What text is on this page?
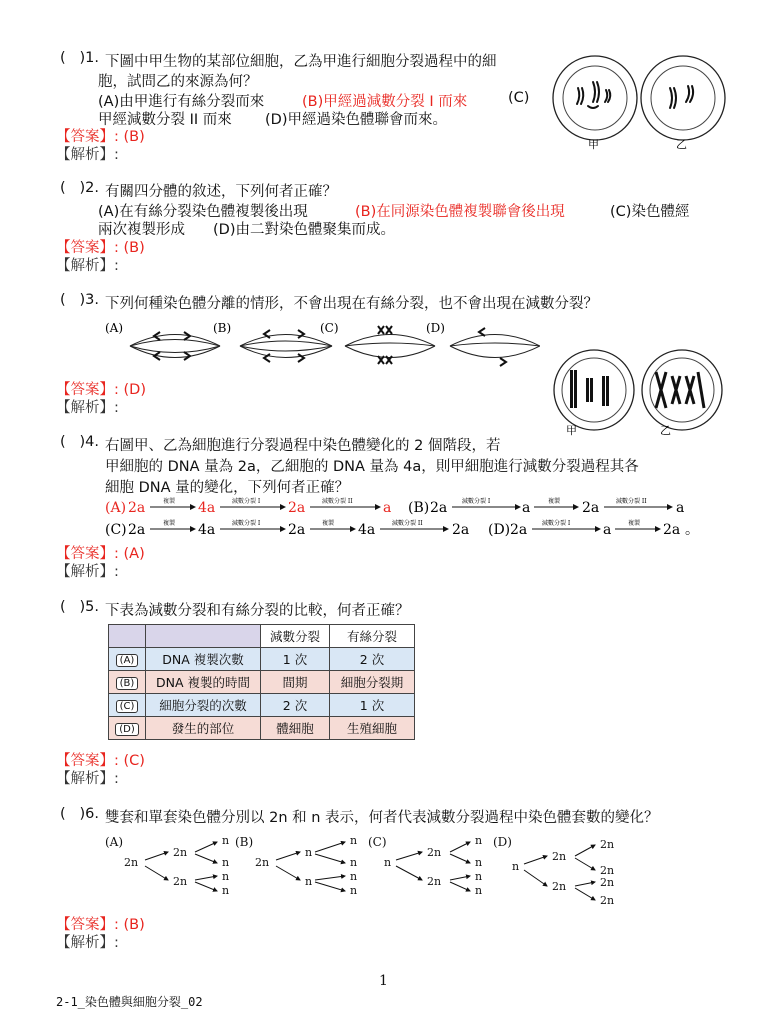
(   )1. 下圖中甲生物的某部位細胞，乙為甲進行細胞分裂過程中的細
胞，試問乙的來源為何？
(A)由甲進行有絲分裂而來	(B)甲經過減數分裂 I 而來	(C)
甲經減數分裂 II 而來 (D)甲經過染色體聯會而來。
【答案】: (B)
【解析】:
甲	乙
(   )2. 有關四分體的敘述，下列何者正確？
(A)在有絲分裂染色體複製後出現	(B)在同源染色體複製聯會後出現	(C)染色體經
兩次複製形成 (D)由二對染色體聚集而成。
【答案】: (B)
【解析】:
(   )3. 下列何種染色體分離的情形，不會出現在有絲分裂，也不會出現在減數分裂？
(A)	(B)	(C)	(D)
【答案】: (D)
【解析】:
甲	乙
(   )4. 右圖甲、乙為細胞進行分裂過程中染色體變化的 2 個階段，若
甲細胞的 DNA 量為 2a，乙細胞的 DNA 量為 4a，則甲細胞進行減數分裂過程其各
細胞 DNA 量的變化，下列何者正確？
(A) 2a	複製 4a	減數分裂 I 2a	減數分裂 II a (B) 2a 減數分裂 I a	複製 2a	減數分裂 II a
(C) 2a	複製 4a	減數分裂 I 2a	複製 4a	減數分裂 II 2a (D) 2a 減數分裂 I a	複製 2a 。
【答案】: (A)
【解析】:
(   )5. 下表為減數分裂和有絲分裂的比較，何者正確？
		減數分裂	有絲分裂
(A)	DNA 複製次數	1 次	2 次
(B)	DNA 複製的時間	間期	細胞分裂期
(C)	細胞分裂的次數	2 次	1 次
(D)	發生的部位	體細胞	生殖細胞
【答案】: (C)
【解析】:
(   )6. 雙套和單套染色體分別以 2n 和 n 表示，何者代表減數分裂過程中染色體套數的變化？
(A)
2n
2n
2n
n
n
n
n
(B)
2n
n
n
n
n
n
n
(C)
n
2n
2n
n
n
n
n
(D)
n
2n
2n
2n
2n
2n
2n
【答案】: (B)
【解析】:
1
2-1_染色體與細胞分裂_02
